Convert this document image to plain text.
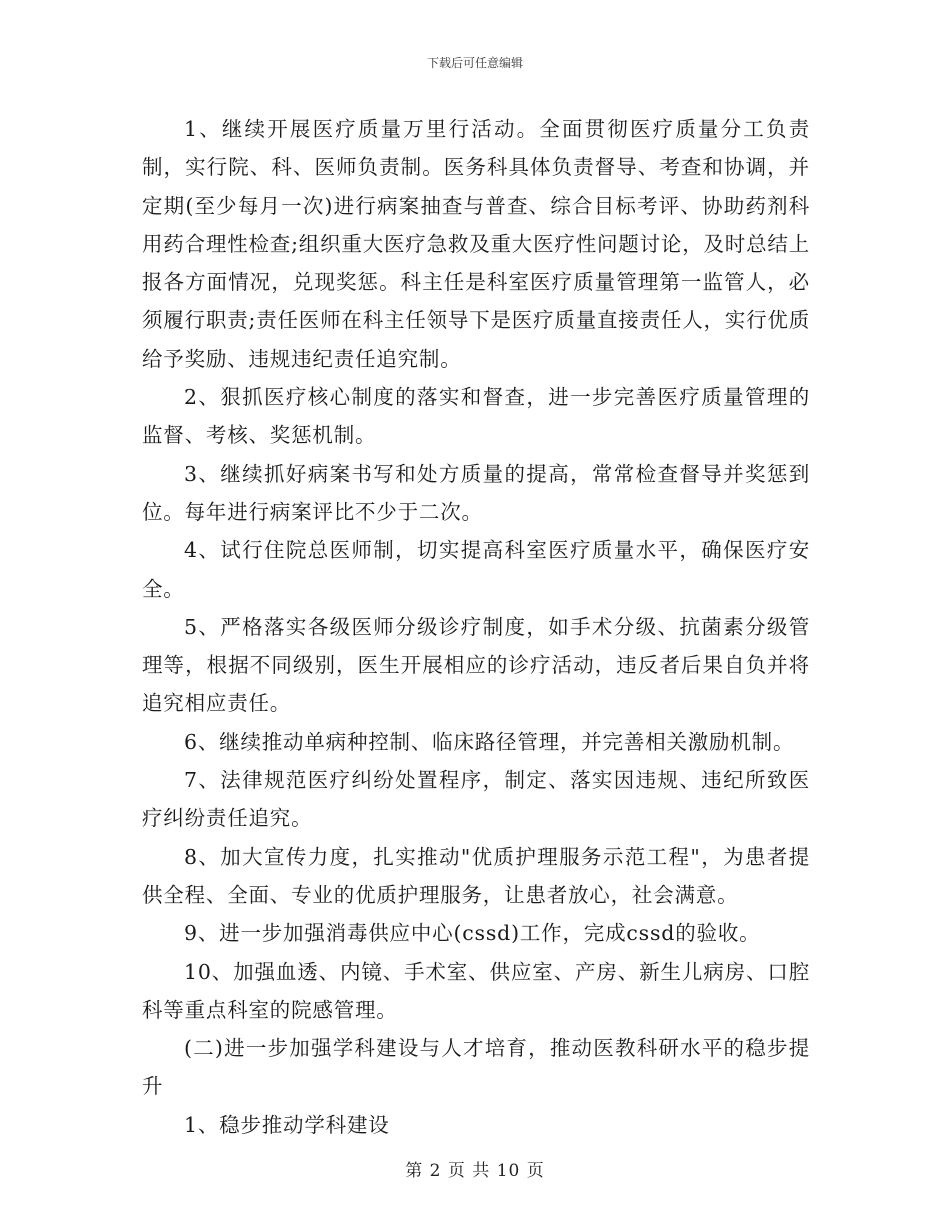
下载后可任意编辑

1、继续开展医疗质量万里行活动。全面贯彻医疗质量分工负责制，实行院、科、医师负责制。医务科具体负责督导、考查和协调，并定期(至少每月一次)进行病案抽查与普查、综合目标考评、协助药剂科用药合理性检查;组织重大医疗急救及重大医疗性问题讨论，及时总结上报各方面情况，兑现奖惩。科主任是科室医疗质量管理第一监管人，必须履行职责;责任医师在科主任领导下是医疗质量直接责任人，实行优质给予奖励、违规违纪责任追究制。

2、狠抓医疗核心制度的落实和督查，进一步完善医疗质量管理的监督、考核、奖惩机制。

3、继续抓好病案书写和处方质量的提高，常常检查督导并奖惩到位。每年进行病案评比不少于二次。

4、试行住院总医师制，切实提高科室医疗质量水平，确保医疗安全。

5、严格落实各级医师分级诊疗制度，如手术分级、抗菌素分级管理等，根据不同级别，医生开展相应的诊疗活动，违反者后果自负并将追究相应责任。

6、继续推动单病种控制、临床路径管理，并完善相关激励机制。

7、法律规范医疗纠纷处置程序，制定、落实因违规、违纪所致医疗纠纷责任追究。

8、加大宣传力度，扎实推动"优质护理服务示范工程"，为患者提供全程、全面、专业的优质护理服务，让患者放心，社会满意。

9、进一步加强消毒供应中心(cssd)工作，完成cssd的验收。

10、加强血透、内镜、手术室、供应室、产房、新生儿病房、口腔科等重点科室的院感管理。

(二)进一步加强学科建设与人才培育，推动医教科研水平的稳步提升

1、稳步推动学科建设

第 2 页 共 10 页
